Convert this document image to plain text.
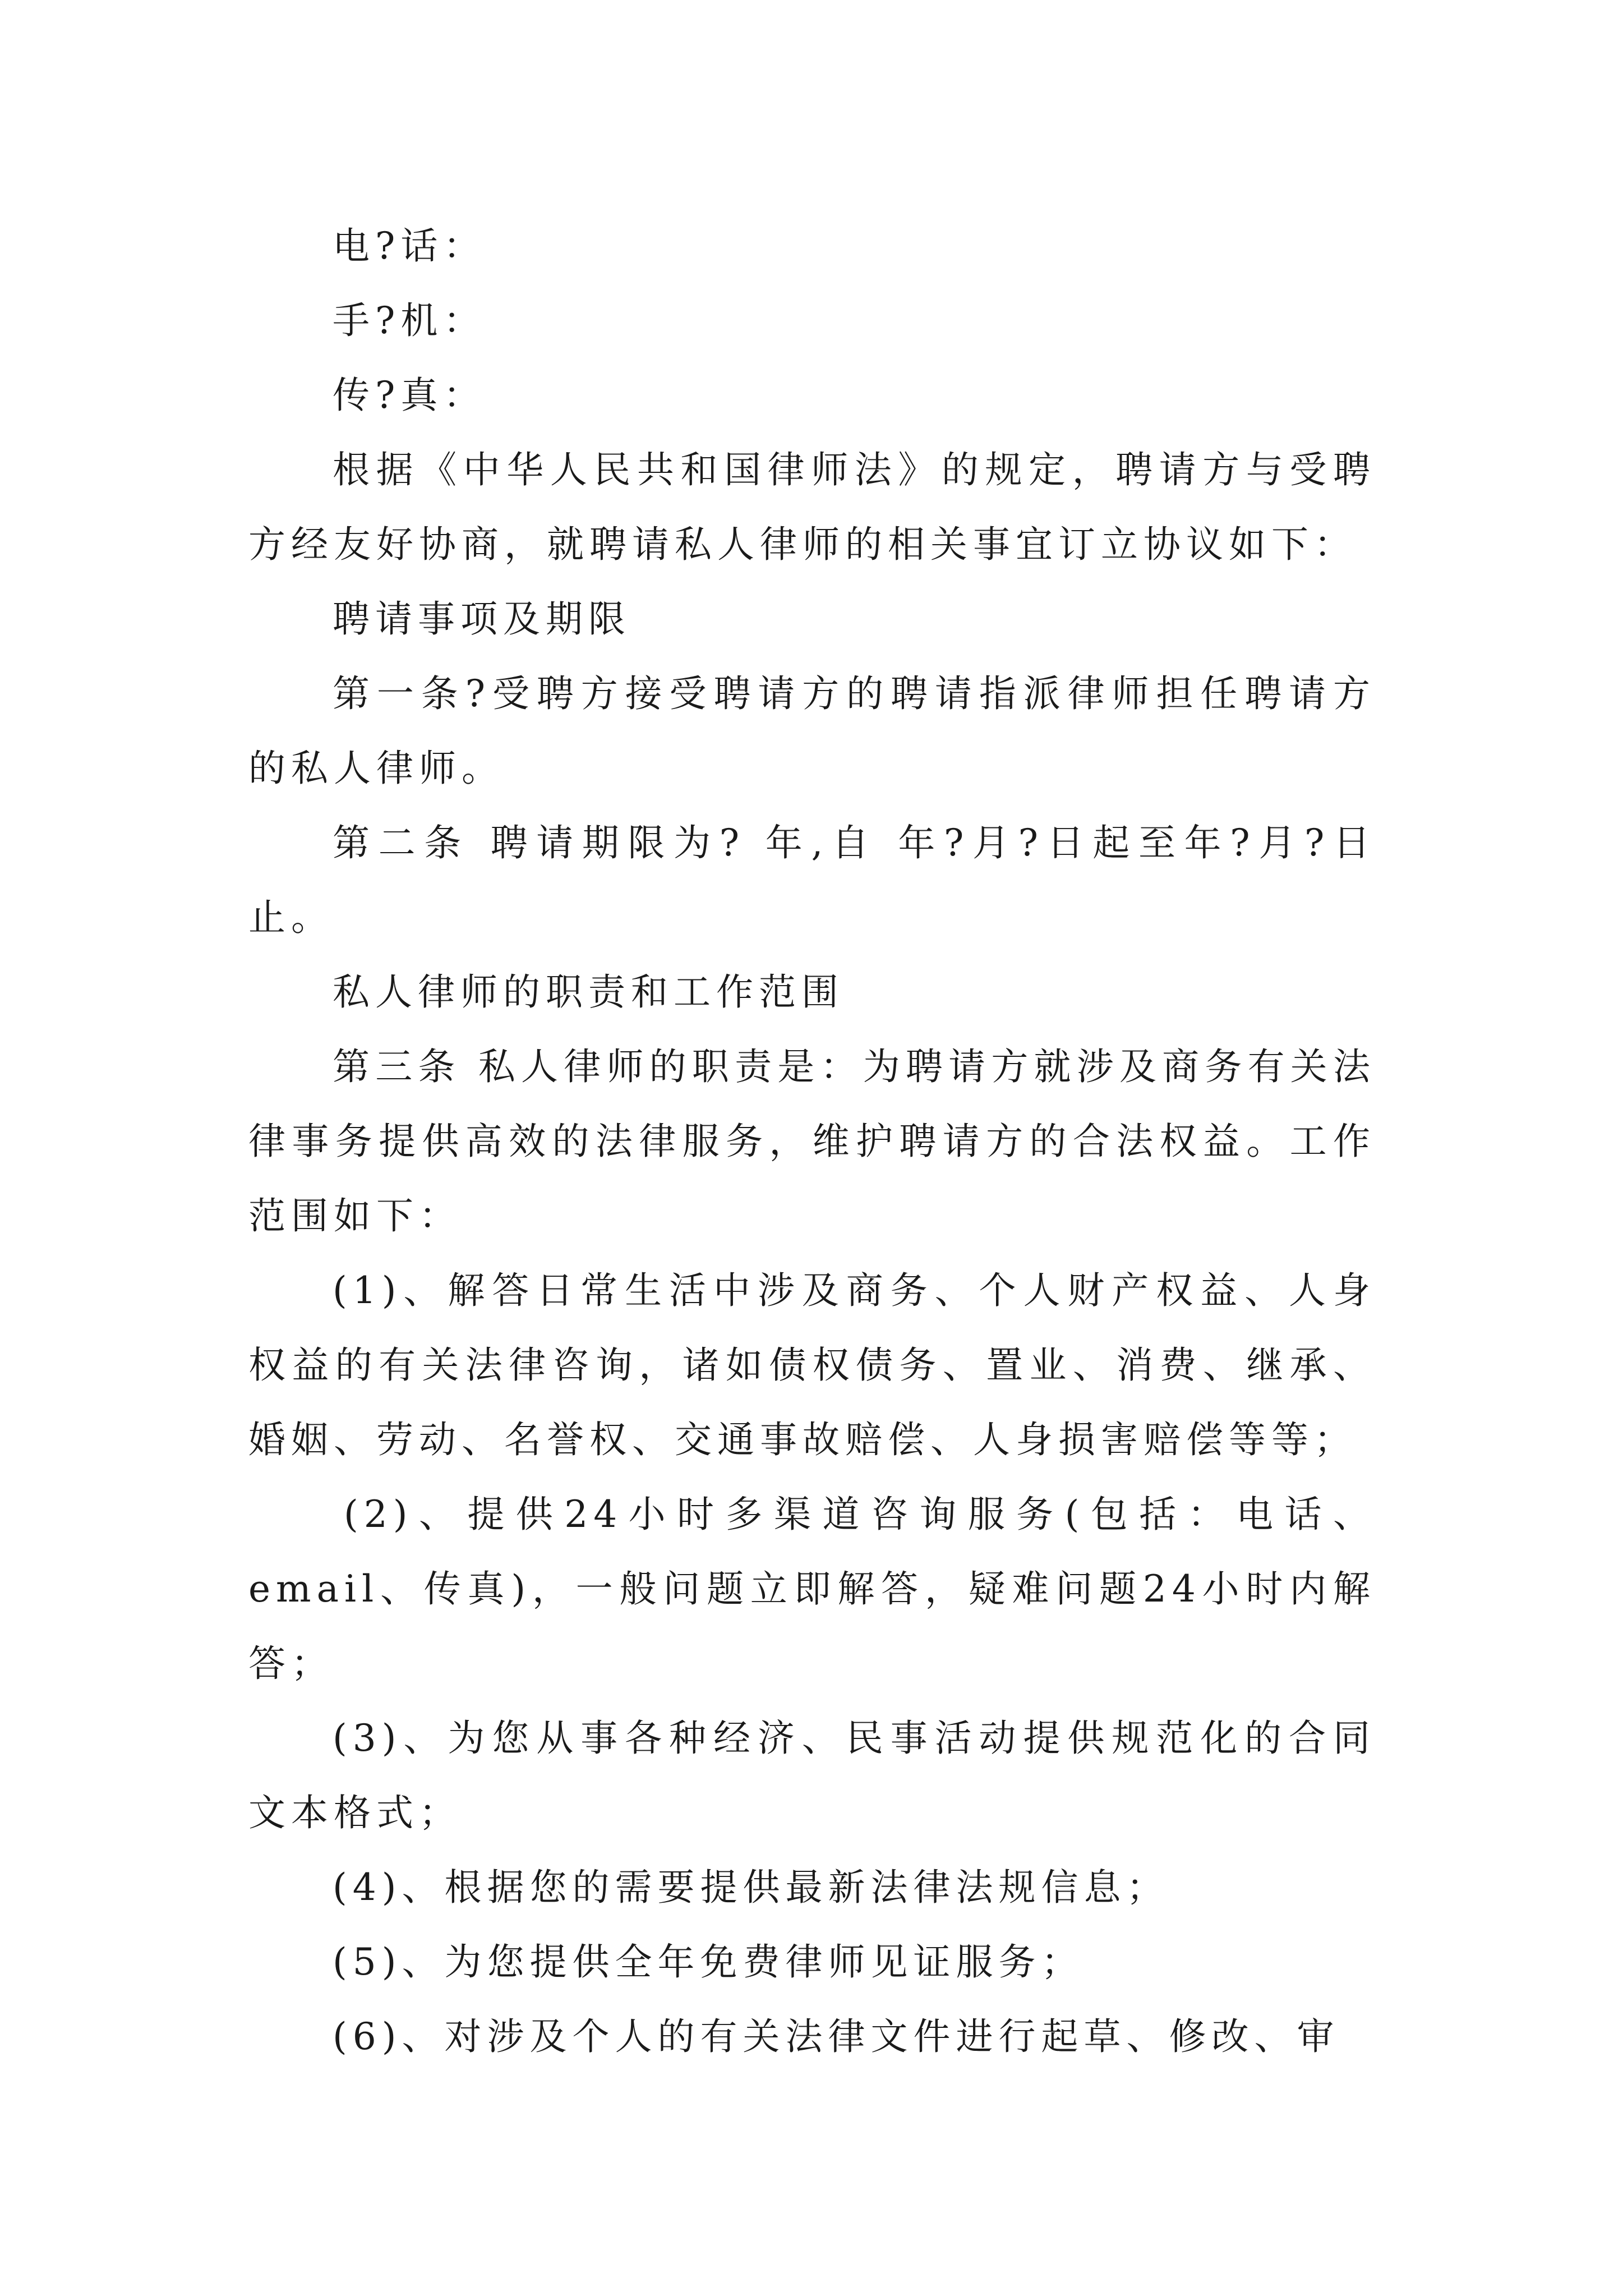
电?话：

手?机：

传?真：

根据《中华人民共和国律师法》的规定，聘请方与受聘方经友好协商，就聘请私人律师的相关事宜订立协议如下：

聘请事项及期限

第一条?受聘方接受聘请方的聘请指派律师担任聘请方的私人律师。

第二条 聘请期限为? 年,自 年?月?日起至年?月?日止。

私人律师的职责和工作范围

第三条 私人律师的职责是：为聘请方就涉及商务有关法律事务提供高效的法律服务，维护聘请方的合法权益。工作范围如下：

(1)、解答日常生活中涉及商务、个人财产权益、人身权益的有关法律咨询，诸如债权债务、置业、消费、继承、婚姻、劳动、名誉权、交通事故赔偿、人身损害赔偿等等；

(2)、提供24小时多渠道咨询服务(包括：电话、email、传真)，一般问题立即解答，疑难问题24小时内解答；

(3)、为您从事各种经济、民事活动提供规范化的合同文本格式；

(4)、根据您的需要提供最新法律法规信息；

(5)、为您提供全年免费律师见证服务；

(6)、对涉及个人的有关法律文件进行起草、修改、审
